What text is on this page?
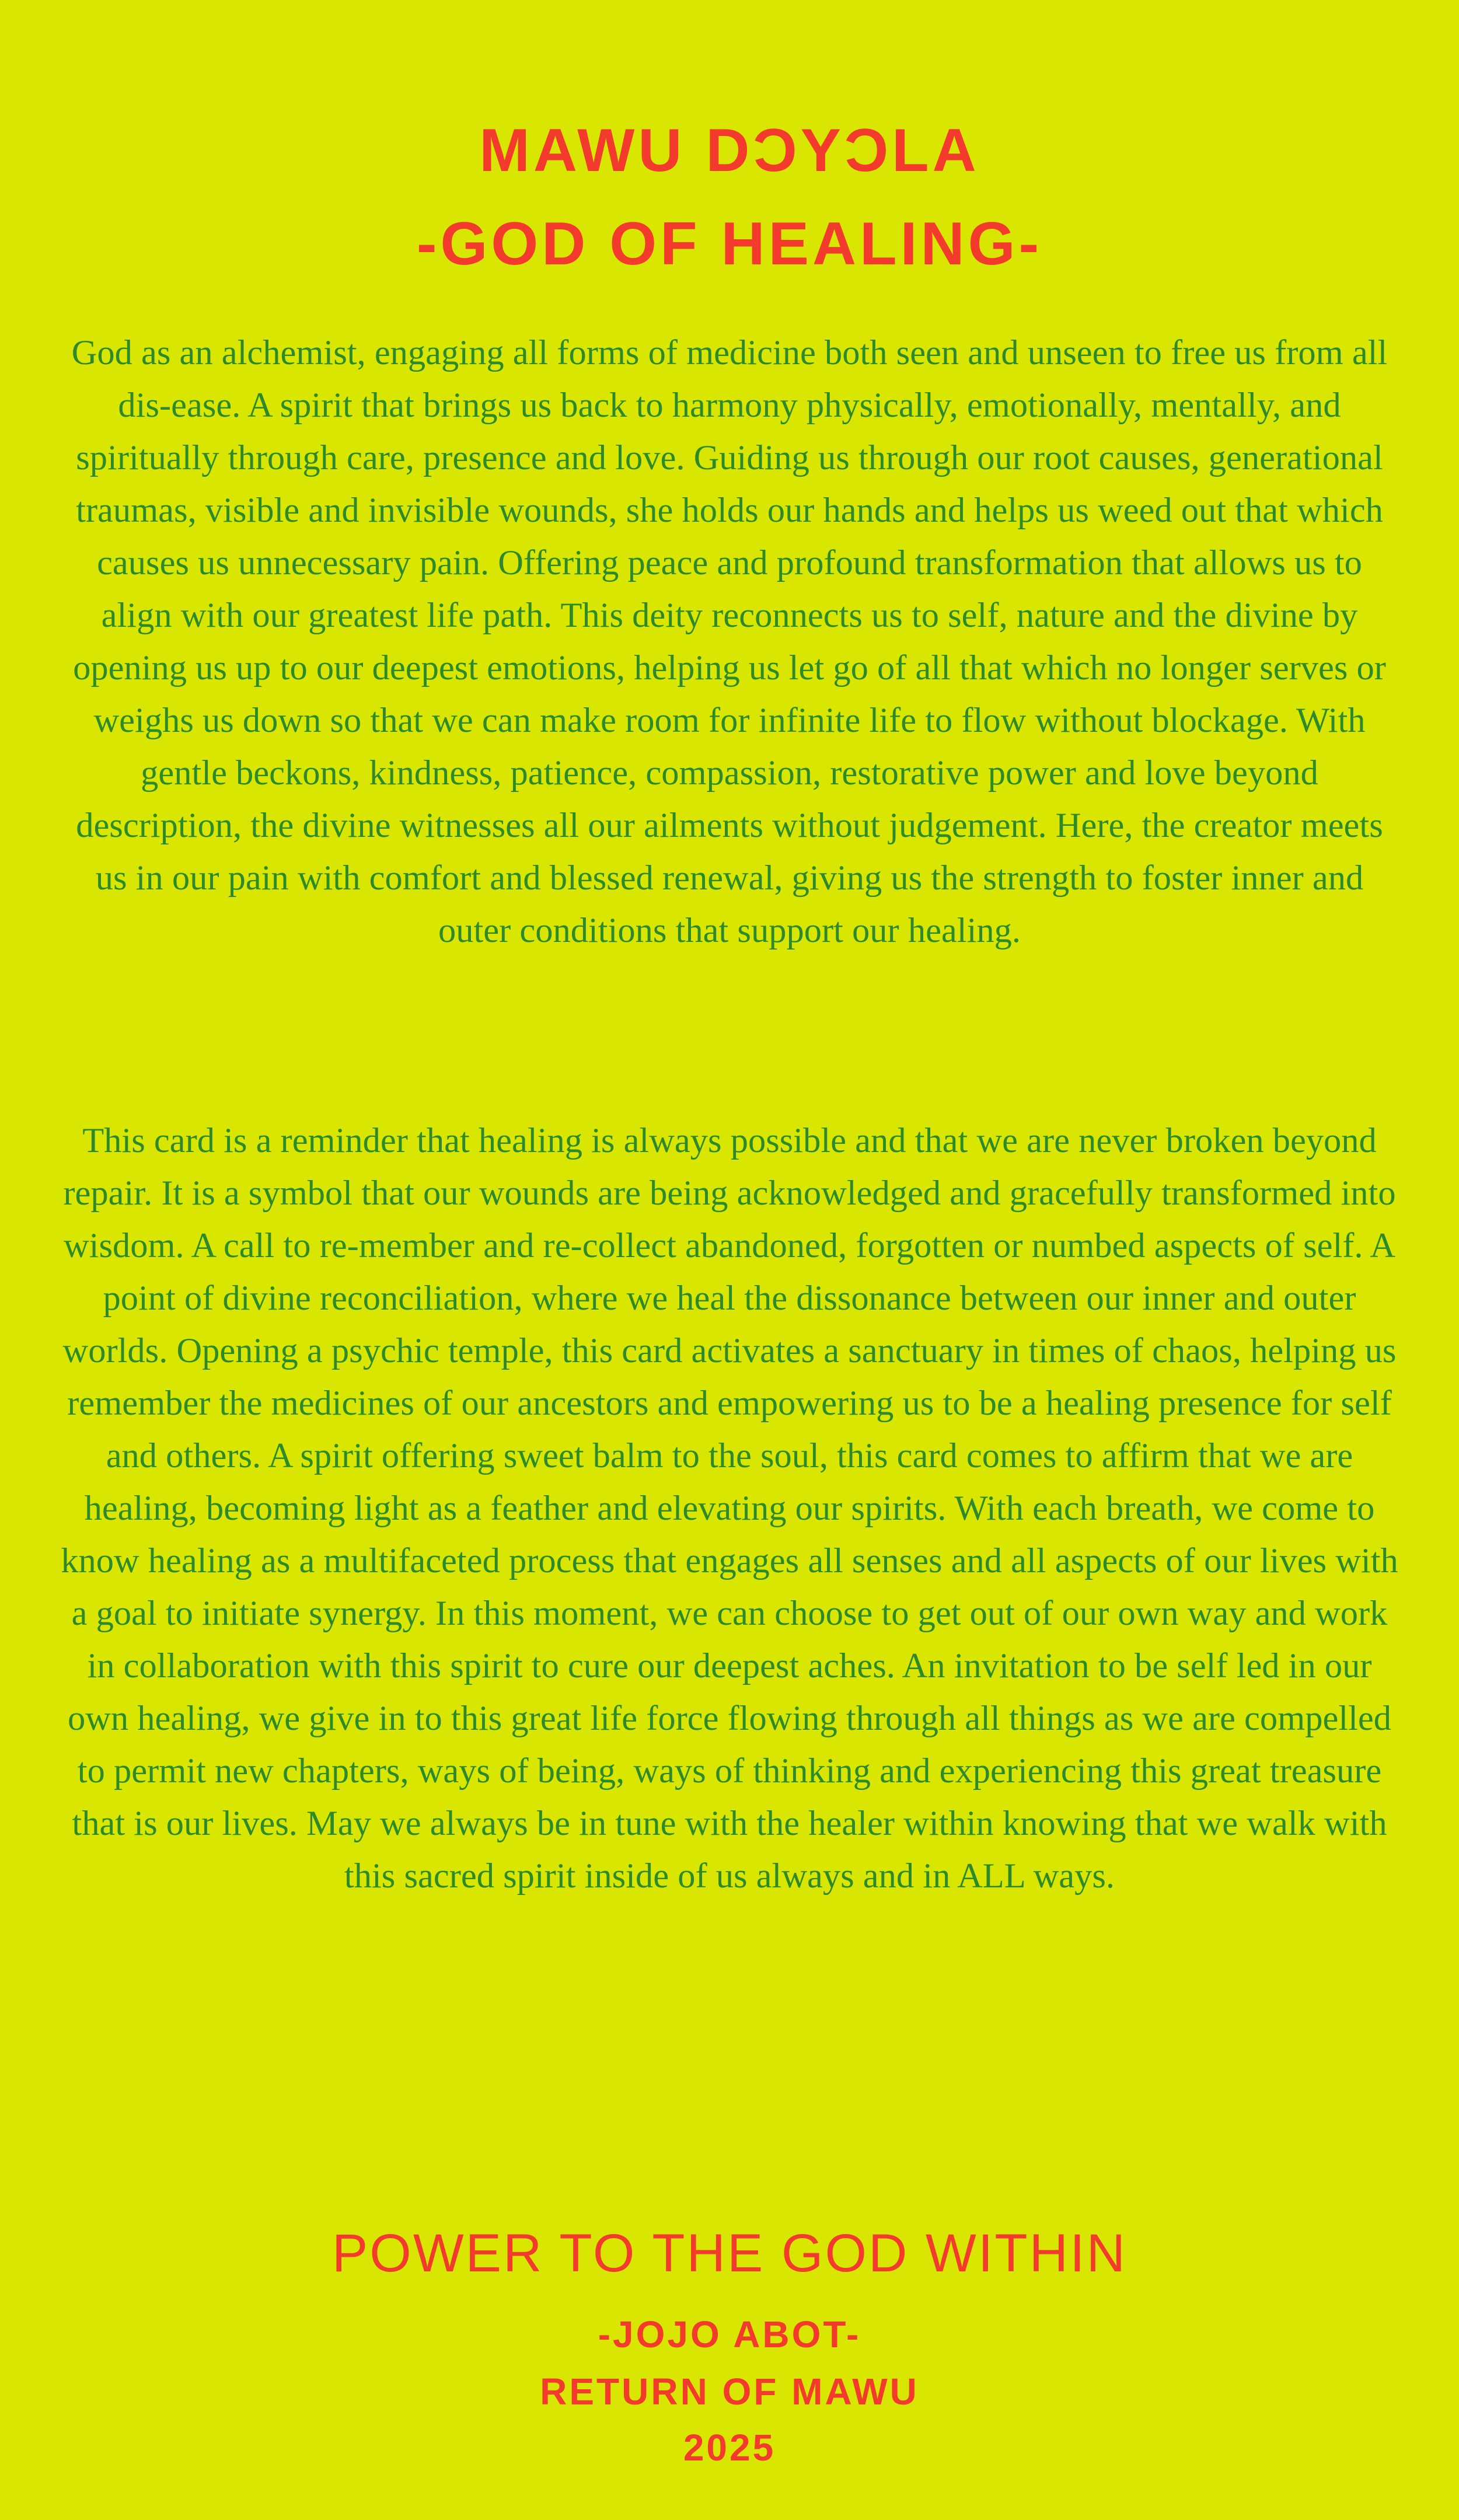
MAWU DƆYƆLA
-GOD OF HEALING-

God as an alchemist, engaging all forms of medicine both seen and unseen to free us from all dis-ease. A spirit that brings us back to harmony physically, emotionally, mentally, and spiritually through care, presence and love. Guiding us through our root causes, generational traumas, visible and invisible wounds, she holds our hands and helps us weed out that which causes us unnecessary pain. Offering peace and profound transformation that allows us to align with our greatest life path. This deity reconnects us to self, nature and the divine by opening us up to our deepest emotions, helping us let go of all that which no longer serves or weighs us down so that we can make room for infinite life to flow without blockage. With gentle beckons, kindness, patience, compassion, restorative power and love beyond description, the divine witnesses all our ailments without judgement. Here, the creator meets us in our pain with comfort and blessed renewal, giving us the strength to foster inner and outer conditions that support our healing.

This card is a reminder that healing is always possible and that we are never broken beyond repair. It is a symbol that our wounds are being acknowledged and gracefully transformed into wisdom. A call to re-member and re-collect abandoned, forgotten or numbed aspects of self. A point of divine reconciliation, where we heal the dissonance between our inner and outer worlds. Opening a psychic temple, this card activates a sanctuary in times of chaos, helping us remember the medicines of our ancestors and empowering us to be a healing presence for self and others. A spirit offering sweet balm to the soul, this card comes to affirm that we are healing, becoming light as a feather and elevating our spirits. With each breath, we come to know healing as a multifaceted process that engages all senses and all aspects of our lives with a goal to initiate synergy. In this moment, we can choose to get out of our own way and work in collaboration with this spirit to cure our deepest aches. An invitation to be self led in our own healing, we give in to this great life force flowing through all things as we are compelled to permit new chapters, ways of being, ways of thinking and experiencing this great treasure that is our lives. May we always be in tune with the healer within knowing that we walk with this sacred spirit inside of us always and in ALL ways.

POWER TO THE GOD WITHIN
-JOJO ABOT-
RETURN OF MAWU
2025
